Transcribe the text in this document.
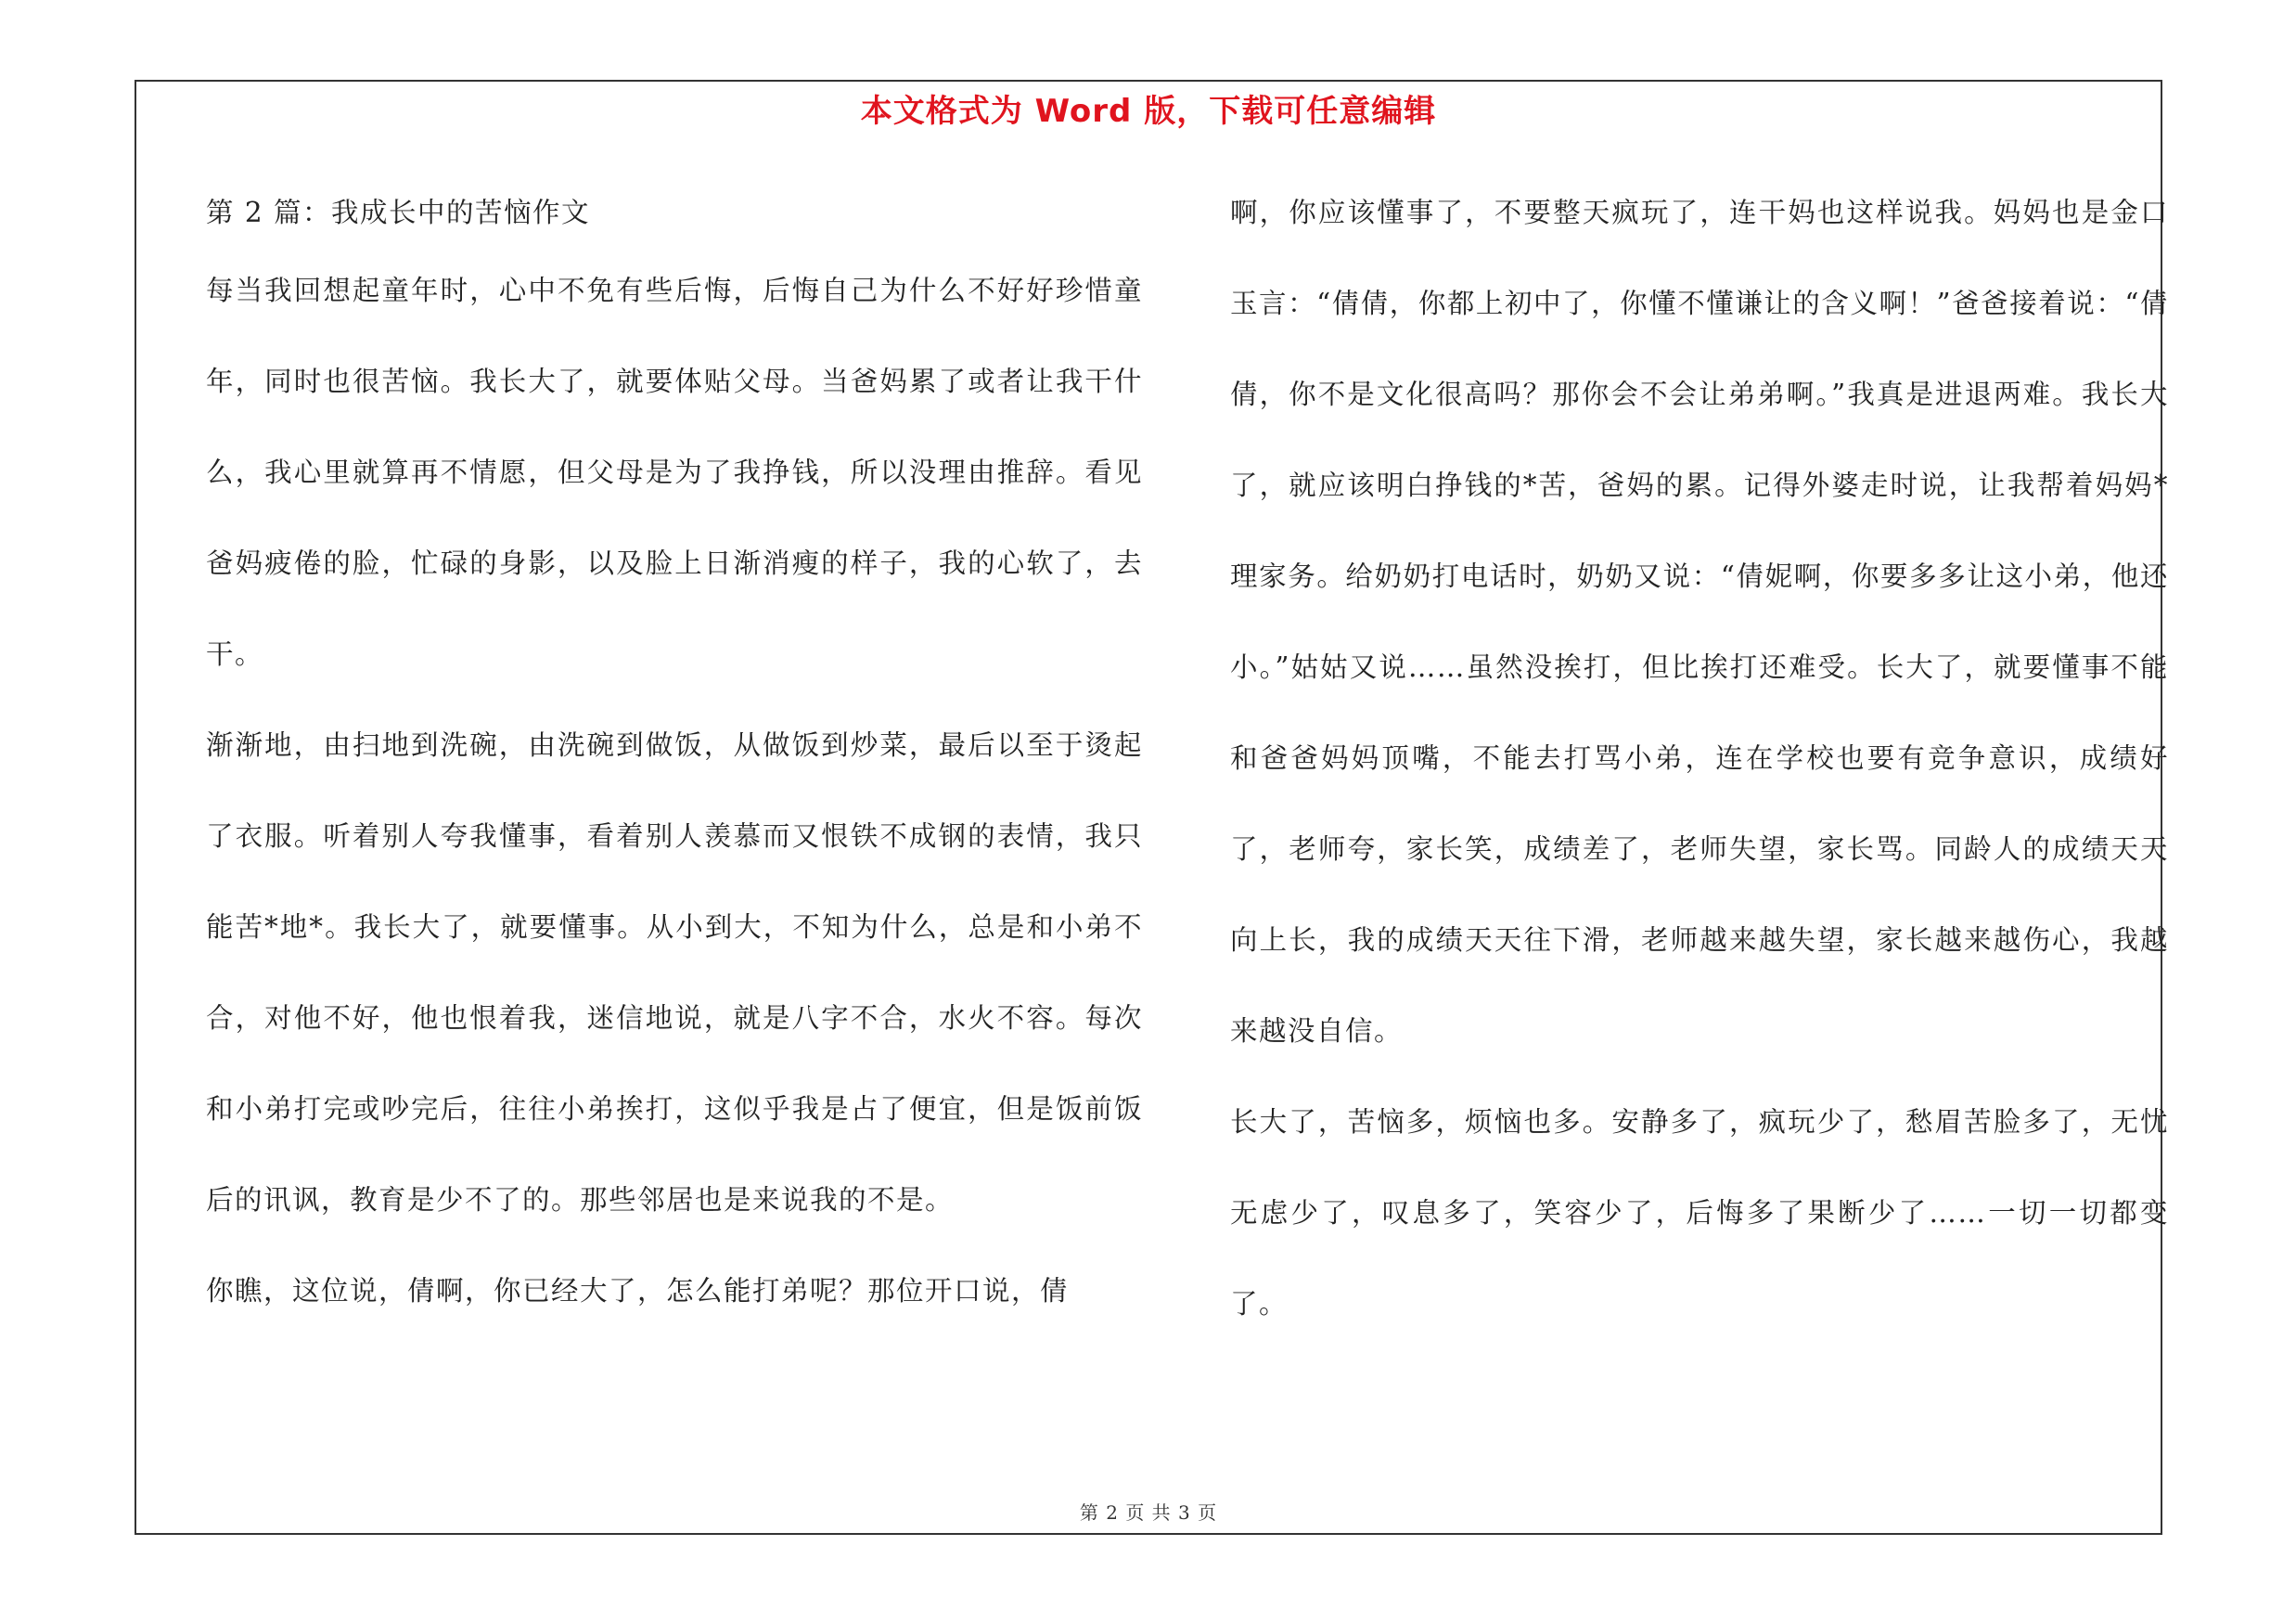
本文格式为 Word 版，下载可任意编辑

第 2 篇：我成长中的苦恼作文

每当我回想起童年时，心中不免有些后悔，后悔自己为什么不好好珍惜童年，同时也很苦恼。我长大了，就要体贴父母。当爸妈累了或者让我干什么，我心里就算再不情愿，但父母是为了我挣钱，所以没理由推辞。看见爸妈疲倦的脸，忙碌的身影，以及脸上日渐消瘦的样子，我的心软了，去干。

渐渐地，由扫地到洗碗，由洗碗到做饭，从做饭到炒菜，最后以至于烫起了衣服。听着别人夸我懂事，看着别人羡慕而又恨铁不成钢的表情，我只能苦*地*。我长大了，就要懂事。从小到大，不知为什么，总是和小弟不合，对他不好，他也恨着我，迷信地说，就是八字不合，水火不容。每次和小弟打完或吵完后，往往小弟挨打，这似乎我是占了便宜，但是饭前饭后的讯讽，教育是少不了的。那些邻居也是来说我的不是。

你瞧，这位说，倩啊，你已经大了，怎么能打弟呢？那位开口说，倩

啊，你应该懂事了，不要整天疯玩了，连干妈也这样说我。妈妈也是金口玉言：“倩倩，你都上初中了，你懂不懂谦让的含义啊！”爸爸接着说：“倩倩，你不是文化很高吗？那你会不会让弟弟啊。”我真是进退两难。我长大了，就应该明白挣钱的*苦，爸妈的累。记得外婆走时说，让我帮着妈妈*理家务。给奶奶打电话时，奶奶又说：“倩妮啊，你要多多让这小弟，他还小。”姑姑又说……虽然没挨打，但比挨打还难受。长大了，就要懂事不能和爸爸妈妈顶嘴，不能去打骂小弟，连在学校也要有竞争意识，成绩好了，老师夸，家长笑，成绩差了，老师失望，家长骂。同龄人的成绩天天向上长，我的成绩天天往下滑，老师越来越失望，家长越来越伤心，我越来越没自信。

长大了，苦恼多，烦恼也多。安静多了，疯玩少了，愁眉苦脸多了，无忧无虑少了，叹息多了，笑容少了，后悔多了果断少了……一切一切都变了。

第 2 页 共 3 页
